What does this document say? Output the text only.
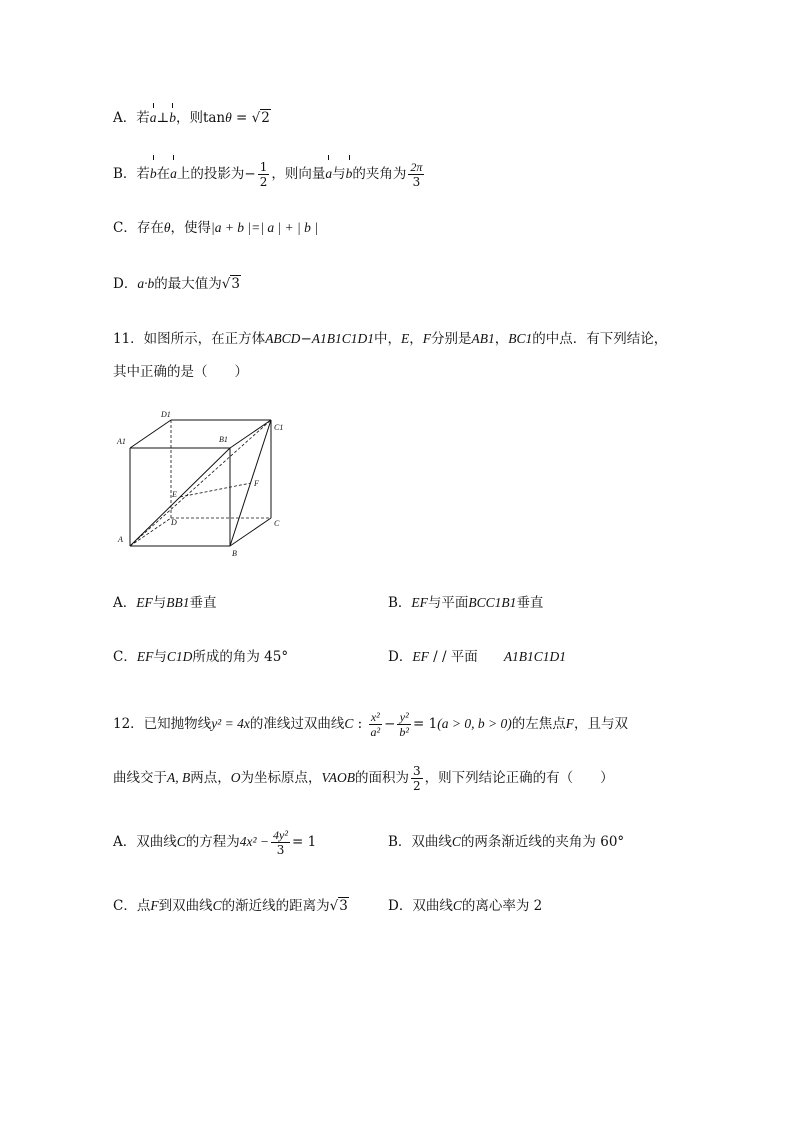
A．若a⊥b，则tanθ = √2
B．若b在a上的投影为− $\frac{1}{2}$ ，则向量a与b的夹角为 $\frac{2\pi}{3}$
C．存在θ，使得|a + b |=| a | + | b |
D．a·b的最大值为√3
11．如图所示，在正方体ABCD−A1B1C1D1中，E，F分别是AB1，BC1的中点．有下列结论，
其中正确的是（　　）
D1
A1	B1
C1
E
F
D	C
A
B
A．EF与BB1垂直	B．EF与平面BCC1B1垂直
C．EF与C1D所成的角为 45°	D．EF / / 平面 A1B1C1D1
12．已知抛物线y² = 4x的准线过双曲线C : $\frac{\text{x²}}{\text{a²}} - \frac{\text{y²}}{\text{b²}} = 1(a > 0$, b > 0)的左焦点F，且与双
曲线交于A, B两点，O为坐标原点，VAOB的面积为 $\frac{3}{2}$ ，则下列结论正确的有（　　）
A．双曲线C的方程为$4x^2 - \frac{\text{4y²}}{3} = 1$	B．双曲线C的两条渐近线的夹角为 60°
C．点F到双曲线C的渐近线的距离为√3	D．双曲线C的离心率为 2
